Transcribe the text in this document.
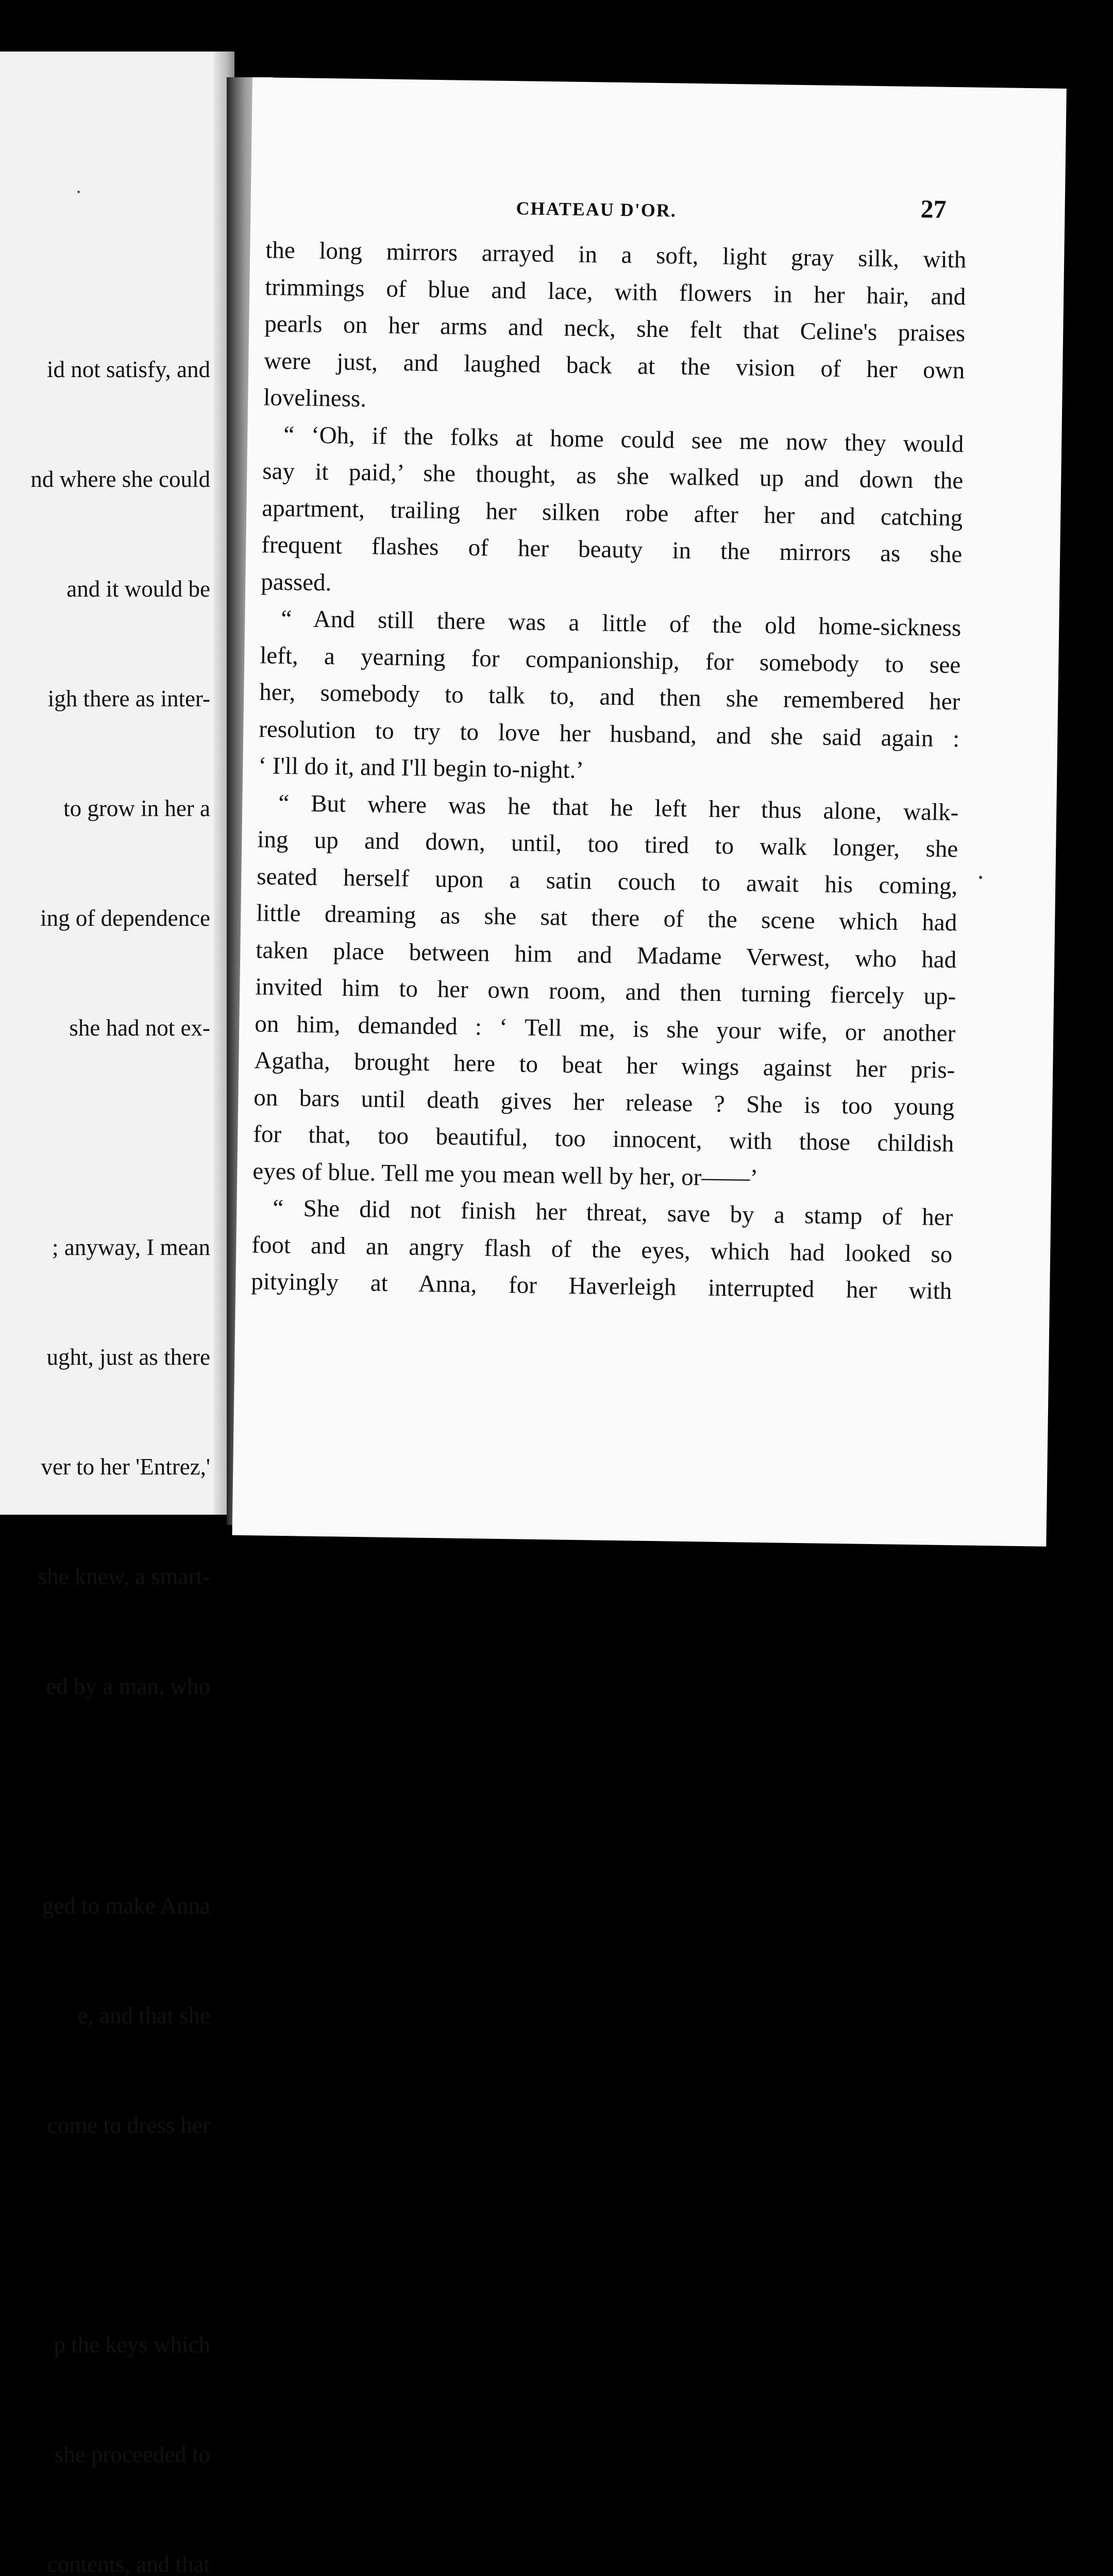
id not satisfy, and

nd where she could

and it would be

igh there as inter-

to grow in her a

ing of dependence

she had not ex-

; anyway, I mean

ught, just as there

ver to her 'Entrez,'

she knew, a smart-

ed by a man, who

ged to make Anna

e, and that she

come to dress her

p the keys which

she proceeded to

contents, and that

CHATEAU D'OR.	27
the long mirrors arrayed in a soft, light gray silk, with
trimmings of blue and lace, with flowers in her hair, and
pearls on her arms and neck, she felt that Celine's praises
were just, and laughed back at the vision of her own
loveliness.
“ ‘Oh, if the folks at home could see me now they would
say it paid,’ she thought, as she walked up and down the
apartment, trailing her silken robe after her and catching
frequent flashes of her beauty in the mirrors as she
passed.
“ And still there was a little of the old home-sickness
left, a yearning for companionship, for somebody to see
her, somebody to talk to, and then she remembered her
resolution to try to love her husband, and she said again :
‘ I'll do it, and I'll begin to-night.’
“ But where was he that he left her thus alone, walk-
ing up and down, until, too tired to walk longer, she
seated herself upon a satin couch to await his coming,
little dreaming as she sat there of the scene which had
taken place between him and Madame Verwest, who had
invited him to her own room, and then turning fiercely up-
on him, demanded : ‘ Tell me, is she your wife, or another
Agatha, brought here to beat her wings against her pris-
on bars until death gives her release ? She is too young
for that, too beautiful, too innocent, with those childish
eyes of blue. Tell me you mean well by her, or——’
“ She did not finish her threat, save by a stamp of her
foot and an angry flash of the eyes, which had looked so
pityingly at Anna, for Haverleigh interrupted her with
